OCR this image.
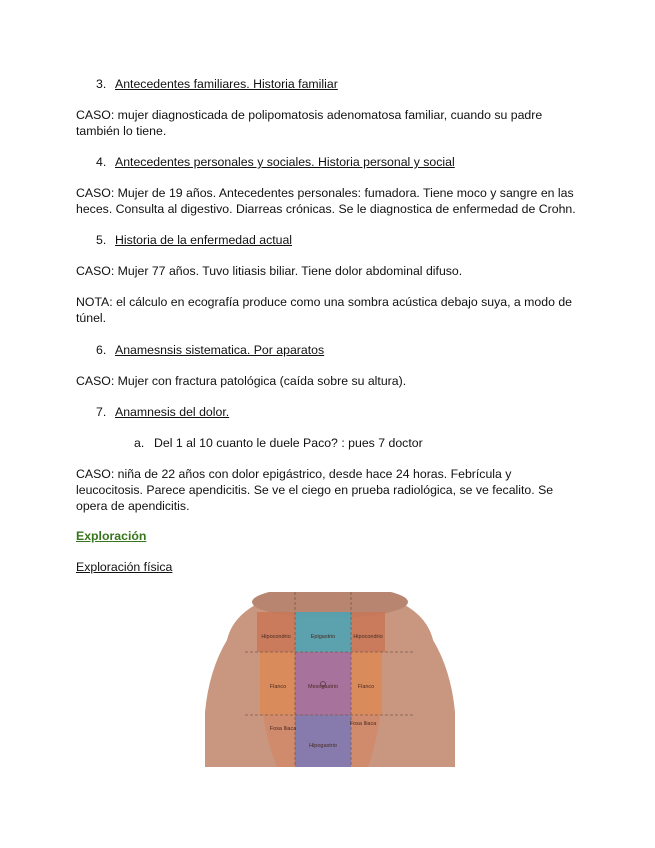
3. Antecedentes familiares. Historia familiar

CASO: mujer diagnosticada de polipomatosis adenomatosa familiar, cuando su padre también lo tiene.

4. Antecedentes personales y sociales. Historia personal y social

CASO: Mujer de 19 años. Antecedentes personales: fumadora. Tiene moco y sangre en las heces. Consulta al digestivo. Diarreas crónicas. Se le diagnostica de enfermedad de Crohn.

5. Historia de la enfermedad actual

CASO: Mujer 77 años. Tuvo litiasis biliar. Tiene dolor abdominal difuso.

NOTA: el cálculo en ecografía produce como una sombra acústica debajo suya, a modo de túnel.

6. Anamesnsis sistematica. Por aparatos

CASO: Mujer con fractura patológica (caída sobre su altura).

7. Anamnesis del dolor.
a. Del 1 al 10 cuanto le duele Paco? : pues 7 doctor

CASO: niña de 22 años con dolor epigástrico, desde hace 24 horas. Febrícula y leucocitosis. Parece apendicitis. Se ve el ciego en prueba radiológica, se ve fecalito. Se opera de apendicitis.

Exploración
Exploración física
Hipocondrio	Epigastrio	Hipocondrio
Flanco	Mesogastrio	Flanco
Fosa Iliaca
Hipogastrio
Fosa Iliaca
